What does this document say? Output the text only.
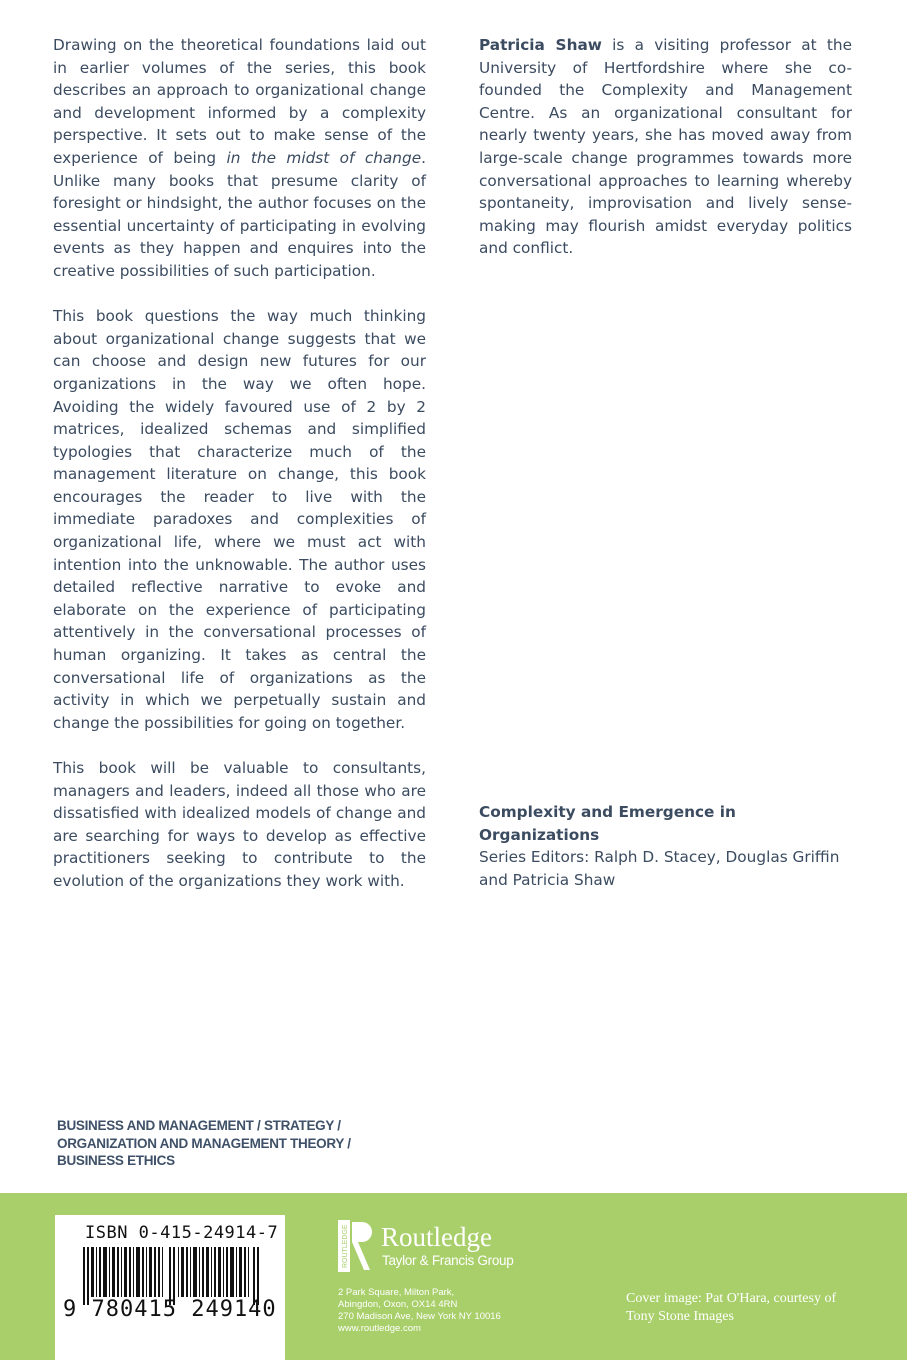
Drawing on the theoretical foundations laid out in earlier volumes of the series, this book describes an approach to organizational change and development informed by a complexity perspective. It sets out to make sense of the experience of being in the midst of change. Unlike many books that presume clarity of foresight or hindsight, the author focuses on the essential uncertainty of participating in evolving events as they happen and enquires into the creative possibilities of such participation.

This book questions the way much thinking about organizational change suggests that we can choose and design new futures for our organizations in the way we often hope. Avoiding the widely favoured use of 2 by 2 matrices, idealized schemas and simplified typologies that characterize much of the management literature on change, this book encourages the reader to live with the immediate paradoxes and complexities of organizational life, where we must act with intention into the unknowable. The author uses detailed reflective narrative to evoke and elaborate on the experience of participating attentively in the conversational processes of human organizing. It takes as central the conversational life of organizations as the activity in which we perpetually sustain and change the possibilities for going on together.

This book will be valuable to consultants, managers and leaders, indeed all those who are dissatisfied with idealized models of change and are searching for ways to develop as effective practitioners seeking to contribute to the evolution of the organizations they work with.

Patricia Shaw is a visiting professor at the University of Hertfordshire where she co-founded the Complexity and Management Centre. As an organizational consultant for nearly twenty years, she has moved away from large-scale change programmes towards more conversational approaches to learning whereby spontaneity, improvisation and lively sense-making may flourish amidst everyday politics and conflict.

Complexity and Emergence in Organizations
Series Editors: Ralph D. Stacey, Douglas Griffin
and Patricia Shaw
BUSINESS AND MANAGEMENT / STRATEGY /
ORGANIZATION AND MANAGEMENT THEORY /
BUSINESS ETHICS
ISBN 0-415-24914-7
9 780415 249140
ROUTLEDGE Routledge
Taylor & Francis Group
2 Park Square, Milton Park,
Abingdon, Oxon, OX14 4RN
270 Madison Ave, New York NY 10016
www.routledge.com
Cover image: Pat O'Hara, courtesy of
Tony Stone Images
